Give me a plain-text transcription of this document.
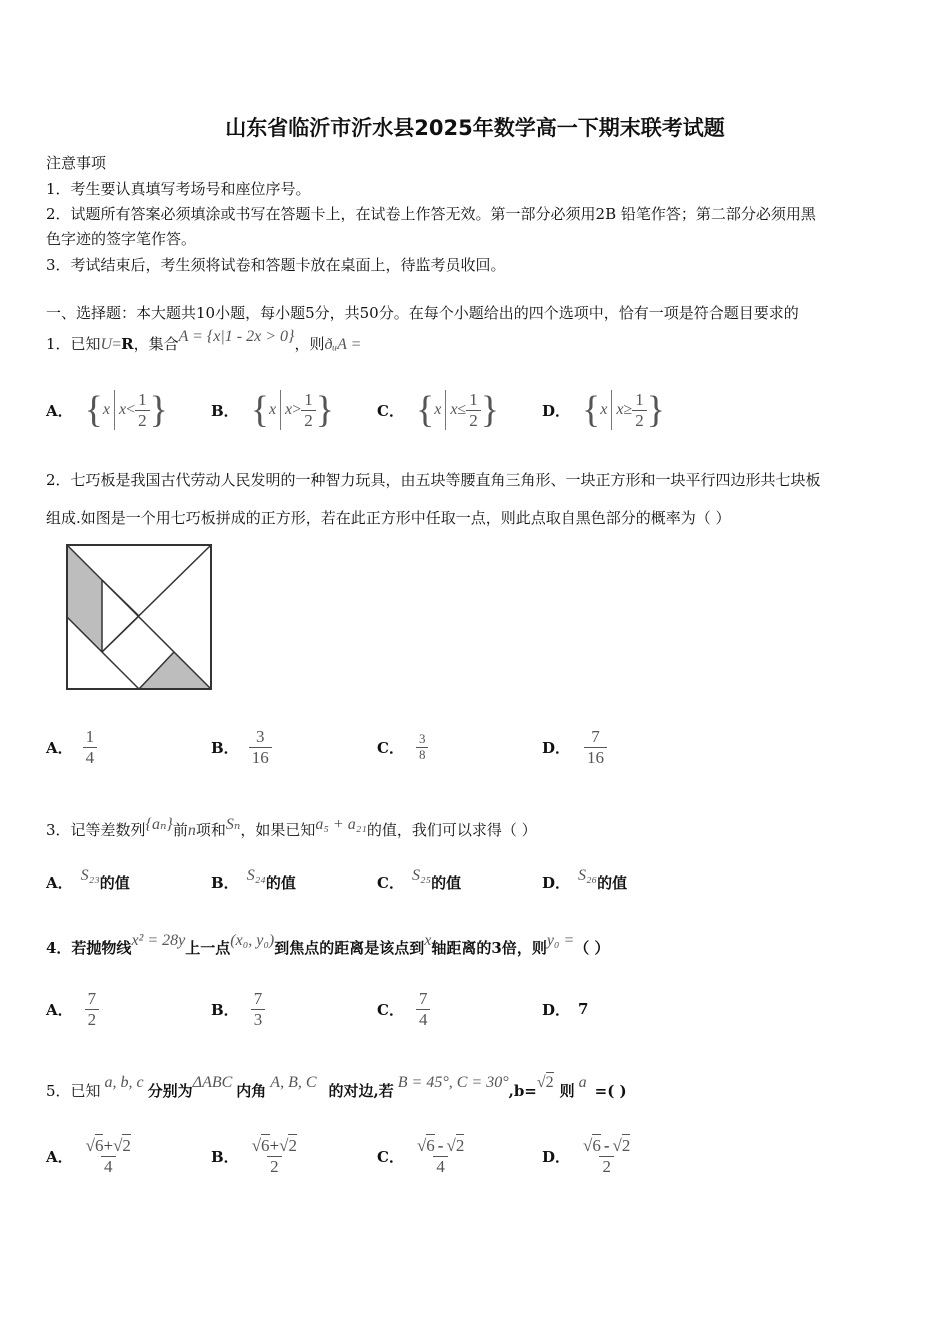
山东省临沂市沂水县2025年数学高一下期末联考试题
注意事项
1．考生要认真填写考场号和座位序号。
2．试题所有答案必须填涂或书写在答题卡上，在试卷上作答无效。第一部分必须用2B 铅笔作答；第二部分必须用黑
色字迹的签字笔作答。
3．考试结束后，考生须将试卷和答题卡放在桌面上，待监考员收回。
一、选择题：本大题共10小题，每小题5分，共50分。在每个小题给出的四个选项中，恰有一项是符合题目要求的
1．已知U=R，集合A = {x|1 - 2x > 0}，则ðᵤA =
A． { x $x < \frac{1}{2}$ }	B． { x $x > \frac{1}{2}$ }	C． { x $x \le \frac{1}{2}$ }	D． { x $x \ge \frac{1}{2}$ }
2．七巧板是我国古代劳动人民发明的一种智力玩具，由五块等腰直角三角形、一块正方形和一块平行四边形共七块板
组成.如图是一个用七巧板拼成的正方形，若在此正方形中任取一点，则此点取自黑色部分的概率为（ ）
A． $\frac{1}{4}$	B． $\frac{3}{16}$	C． $\frac{3}{8}$	D． $\frac{7}{16}$
3．记等差数列{aₙ}前n项和Sₙ，如果已知a₅ + a₂₁的值，我们可以求得（ ）
A． S₂₃的值	B． S₂₄的值	C． S₂₅的值	D． S₂₆的值
4．若抛物线x² = 28y上一点(x₀, y₀)到焦点的距离是该点到x轴距离的3倍，则y₀ =（ ）
A． $\frac{7}{2}$	B． $\frac{7}{3}$	C． $\frac{7}{4}$	D． 7
5．已知 a, b, c 分别为ΔABC 内角 A, B, C 的对边,若 B = 45°, C = 30°,b=√2 则 a =( )
A． $\frac{√6+√2}{4}$	B． $\frac{√6+√2}{2}$	C． $\frac{√6 - √2}{4}$	D． $\frac{√6 - √2}{2}$
